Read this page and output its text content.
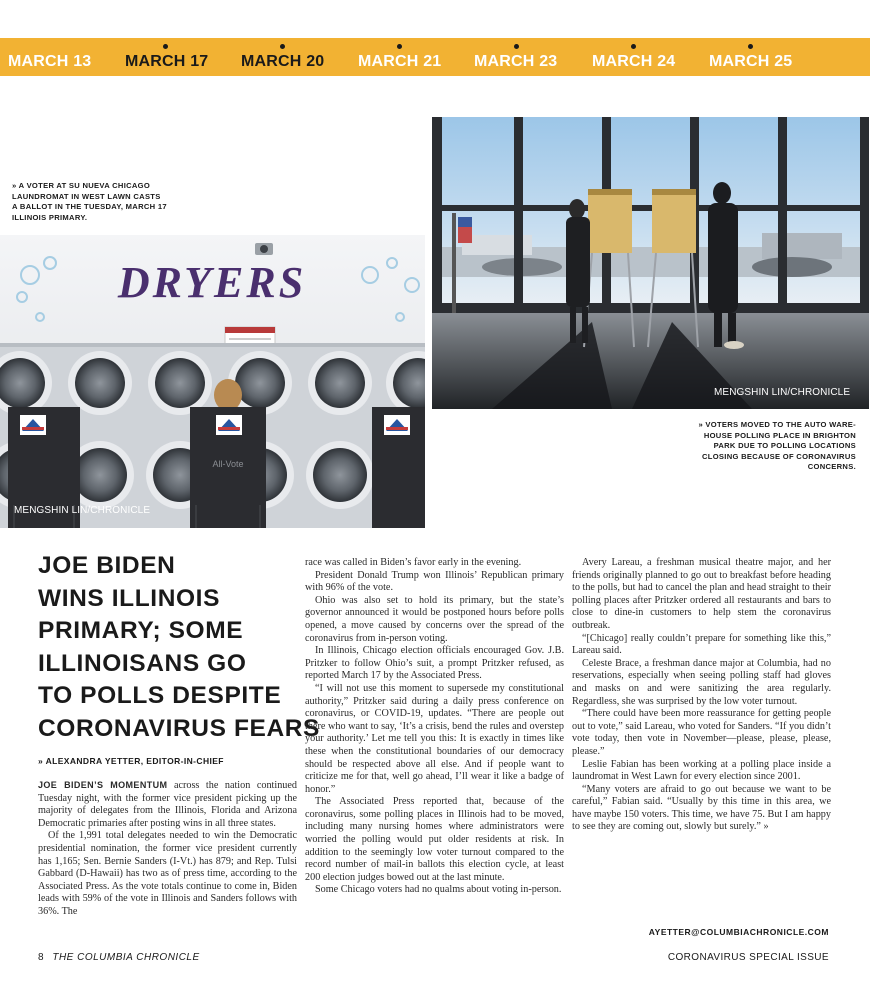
MARCH 13 MARCH 17 MARCH 20 MARCH 21 MARCH 23 MARCH 24 MARCH 25
» A VOTER AT SU NUEVA CHICAGO
LAUNDROMAT IN WEST LAWN CASTS
A BALLOT IN THE TUESDAY, MARCH 17
ILLINOIS PRIMARY.
DRYERS
All-Vote
MENGSHIN LIN/CHRONICLE
MENGSHIN LIN/CHRONICLE
» VOTERS MOVED TO THE AUTO WARE-
HOUSE POLLING PLACE IN BRIGHTON
PARK DUE TO POLLING LOCATIONS
CLOSING BECAUSE OF CORONAVIRUS
CONCERNS.
JOE BIDEN
WINS ILLINOIS
PRIMARY; SOME
ILLINOISANS GO
TO POLLS DESPITE
CORONAVIRUS FEARS
» ALEXANDRA YETTER, EDITOR-IN-CHIEF

JOE BIDEN’S MOMENTUM across the nation continued Tuesday night, with the former vice president picking up the majority of delegates from the Illinois, Florida and Arizona Democratic primaries after posting wins in all three states.

Of the 1,991 total delegates needed to win the Democratic presidential nomination, the former vice president currently has 1,165; Sen. Bernie Sanders (I-Vt.) has 879; and Rep. Tulsi Gabbard (D-Hawaii) has two as of press time, according to the Associated Press. As the vote totals continue to come in, Biden leads with 59% of the vote in Illinois and Sanders follows with 36%. The

race was called in Biden’s favor early in the evening.

President Donald Trump won Illinois’ Republican primary with 96% of the vote.

Ohio was also set to hold its primary, but the state’s governor announced it would be postponed hours before polls opened, a move caused by concerns over the spread of the coronavirus from in-person voting.

In Illinois, Chicago election officials encouraged Gov. J.B. Pritzker to follow Ohio’s suit, a prompt Pritzker refused, as reported March 17 by the Associated Press.

“I will not use this moment to supersede my constitutional authority,” Pritzker said during a daily press conference on coronavirus, or COVID-19, updates. “There are people out there who want to say, ‘It’s a crisis, bend the rules and overstep your authority.’ Let me tell you this: It is exactly in times like these when the constitutional boundaries of our democracy should be respected above all else. And if people want to criticize me for that, well go ahead, I’ll wear it like a badge of honor.”

The Associated Press reported that, because of the coronavirus, some polling places in Illinois had to be moved, including many nursing homes where administrators were worried the polling would put older residents at risk. In addition to the seemingly low voter turnout compared to the record number of mail-in ballots this election cycle, at least 200 election judges bowed out at the last minute.

Some Chicago voters had no qualms about voting in-person.

Avery Lareau, a freshman musical theatre major, and her friends originally planned to go out to breakfast before heading to the polls, but had to cancel the plan and head straight to their polling places after Pritzker ordered all restaurants and bars to close to dine-in customers to help stem the coronavirus outbreak.

“[Chicago] really couldn’t prepare for something like this,” Lareau said.

Celeste Brace, a freshman dance major at Columbia, had no reservations, especially when seeing polling staff had gloves and masks on and were sanitizing the area regularly. Regardless, she was surprised by the low voter turnout.

“There could have been more reassurance for getting people out to vote,” said Lareau, who voted for Sanders. “If you didn’t vote today, then vote in November—please, please, please, please.”

Leslie Fabian has been working at a polling place inside a laundromat in West Lawn for every election since 2001.

“Many voters are afraid to go out because we want to be careful,” Fabian said. “Usually by this time in this area, we have maybe 150 voters. This time, we have 75. But I am happy to see they are coming out, slowly but surely.” »

AYETTER@COLUMBIACHRONICLE.COM
8 THE COLUMBIA CHRONICLE	CORONAVIRUS SPECIAL ISSUE
